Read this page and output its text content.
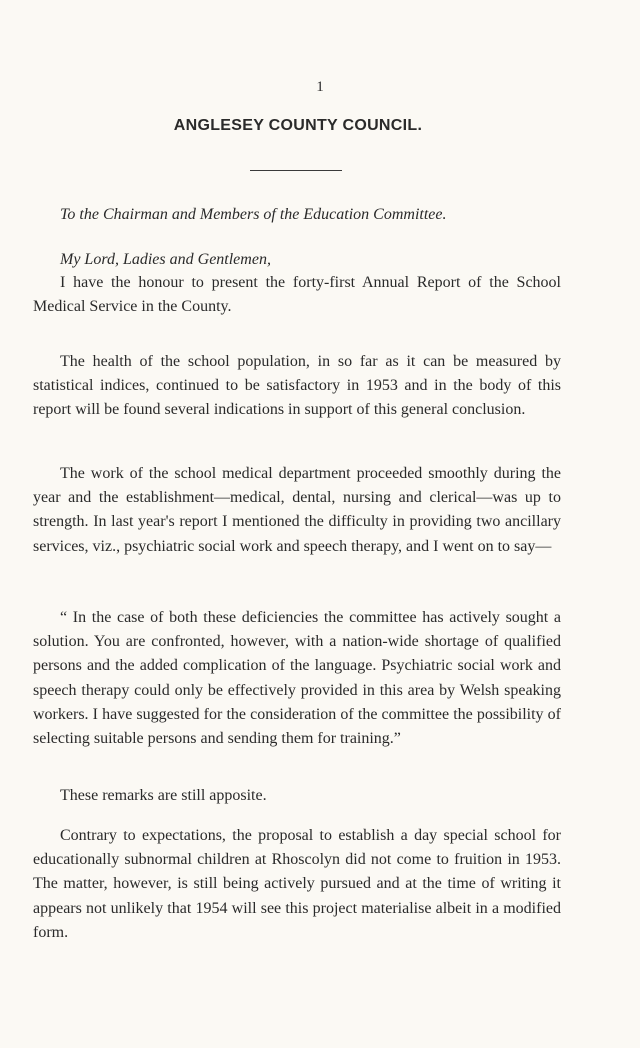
1
ANGLESEY COUNTY COUNCIL.
To the Chairman and Members of the Education Committee.
My Lord, Ladies and Gentlemen,

I have the honour to present the forty-first Annual Report of the School Medical Service in the County.

The health of the school population, in so far as it can be measured by statistical indices, continued to be satisfactory in 1953 and in the body of this report will be found several indications in support of this general conclusion.

The work of the school medical department proceeded smoothly during the year and the establishment—medical, dental, nursing and clerical—was up to strength. In last year's report I mentioned the difficulty in providing two ancillary services, viz., psychiatric social work and speech therapy, and I went on to say—

“ In the case of both these deficiencies the committee has actively sought a solution. You are confronted, however, with a nation-wide shortage of qualified persons and the added complication of the language. Psychiatric social work and speech therapy could only be effectively provided in this area by Welsh speaking workers. I have suggested for the consideration of the committee the possibility of selecting suitable persons and sending them for training.”

These remarks are still apposite.

Contrary to expectations, the proposal to establish a day special school for educationally subnormal children at Rhoscolyn did not come to fruition in 1953. The matter, however, is still being actively pursued and at the time of writing it appears not unlikely that 1954 will see this project materialise albeit in a modified form.
